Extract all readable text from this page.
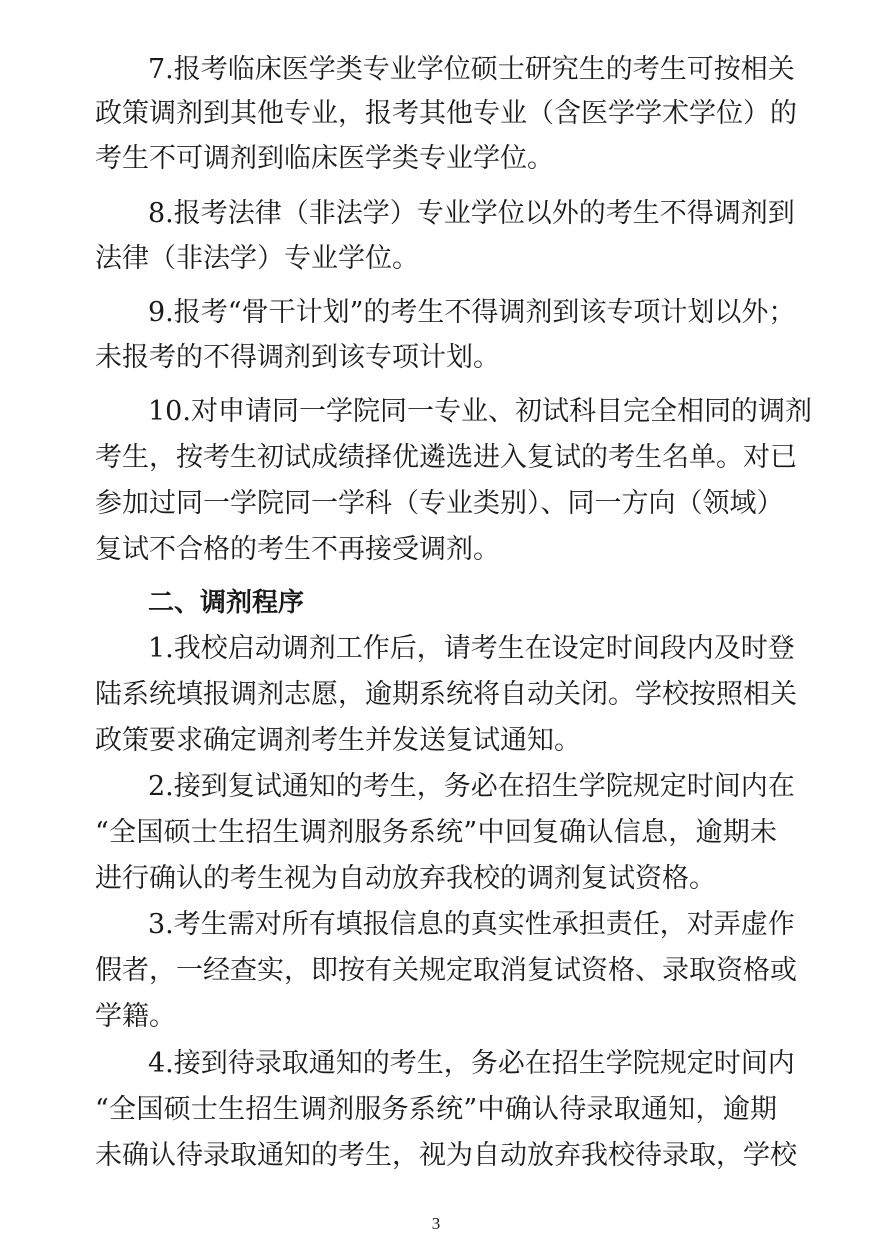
7.报考临床医学类专业学位硕士研究生的考生可按相关
政策调剂到其他专业，报考其他专业（含医学学术学位）的
考生不可调剂到临床医学类专业学位。
8.报考法律（非法学）专业学位以外的考生不得调剂到
法律（非法学）专业学位。
9.报考“骨干计划”的考生不得调剂到该专项计划以外；
未报考的不得调剂到该专项计划。
10.对申请同一学院同一专业、初试科目完全相同的调剂
考生，按考生初试成绩择优遴选进入复试的考生名单。对已
参加过同一学院同一学科（专业类别）、同一方向（领域）
复试不合格的考生不再接受调剂。
二、调剂程序
1.我校启动调剂工作后，请考生在设定时间段内及时登
陆系统填报调剂志愿，逾期系统将自动关闭。学校按照相关
政策要求确定调剂考生并发送复试通知。
2.接到复试通知的考生，务必在招生学院规定时间内在
“全国硕士生招生调剂服务系统”中回复确认信息，逾期未
进行确认的考生视为自动放弃我校的调剂复试资格。
3.考生需对所有填报信息的真实性承担责任，对弄虚作
假者，一经查实，即按有关规定取消复试资格、录取资格或
学籍。
4.接到待录取通知的考生，务必在招生学院规定时间内
“全国硕士生招生调剂服务系统”中确认待录取通知，逾期
未确认待录取通知的考生，视为自动放弃我校待录取，学校
3
